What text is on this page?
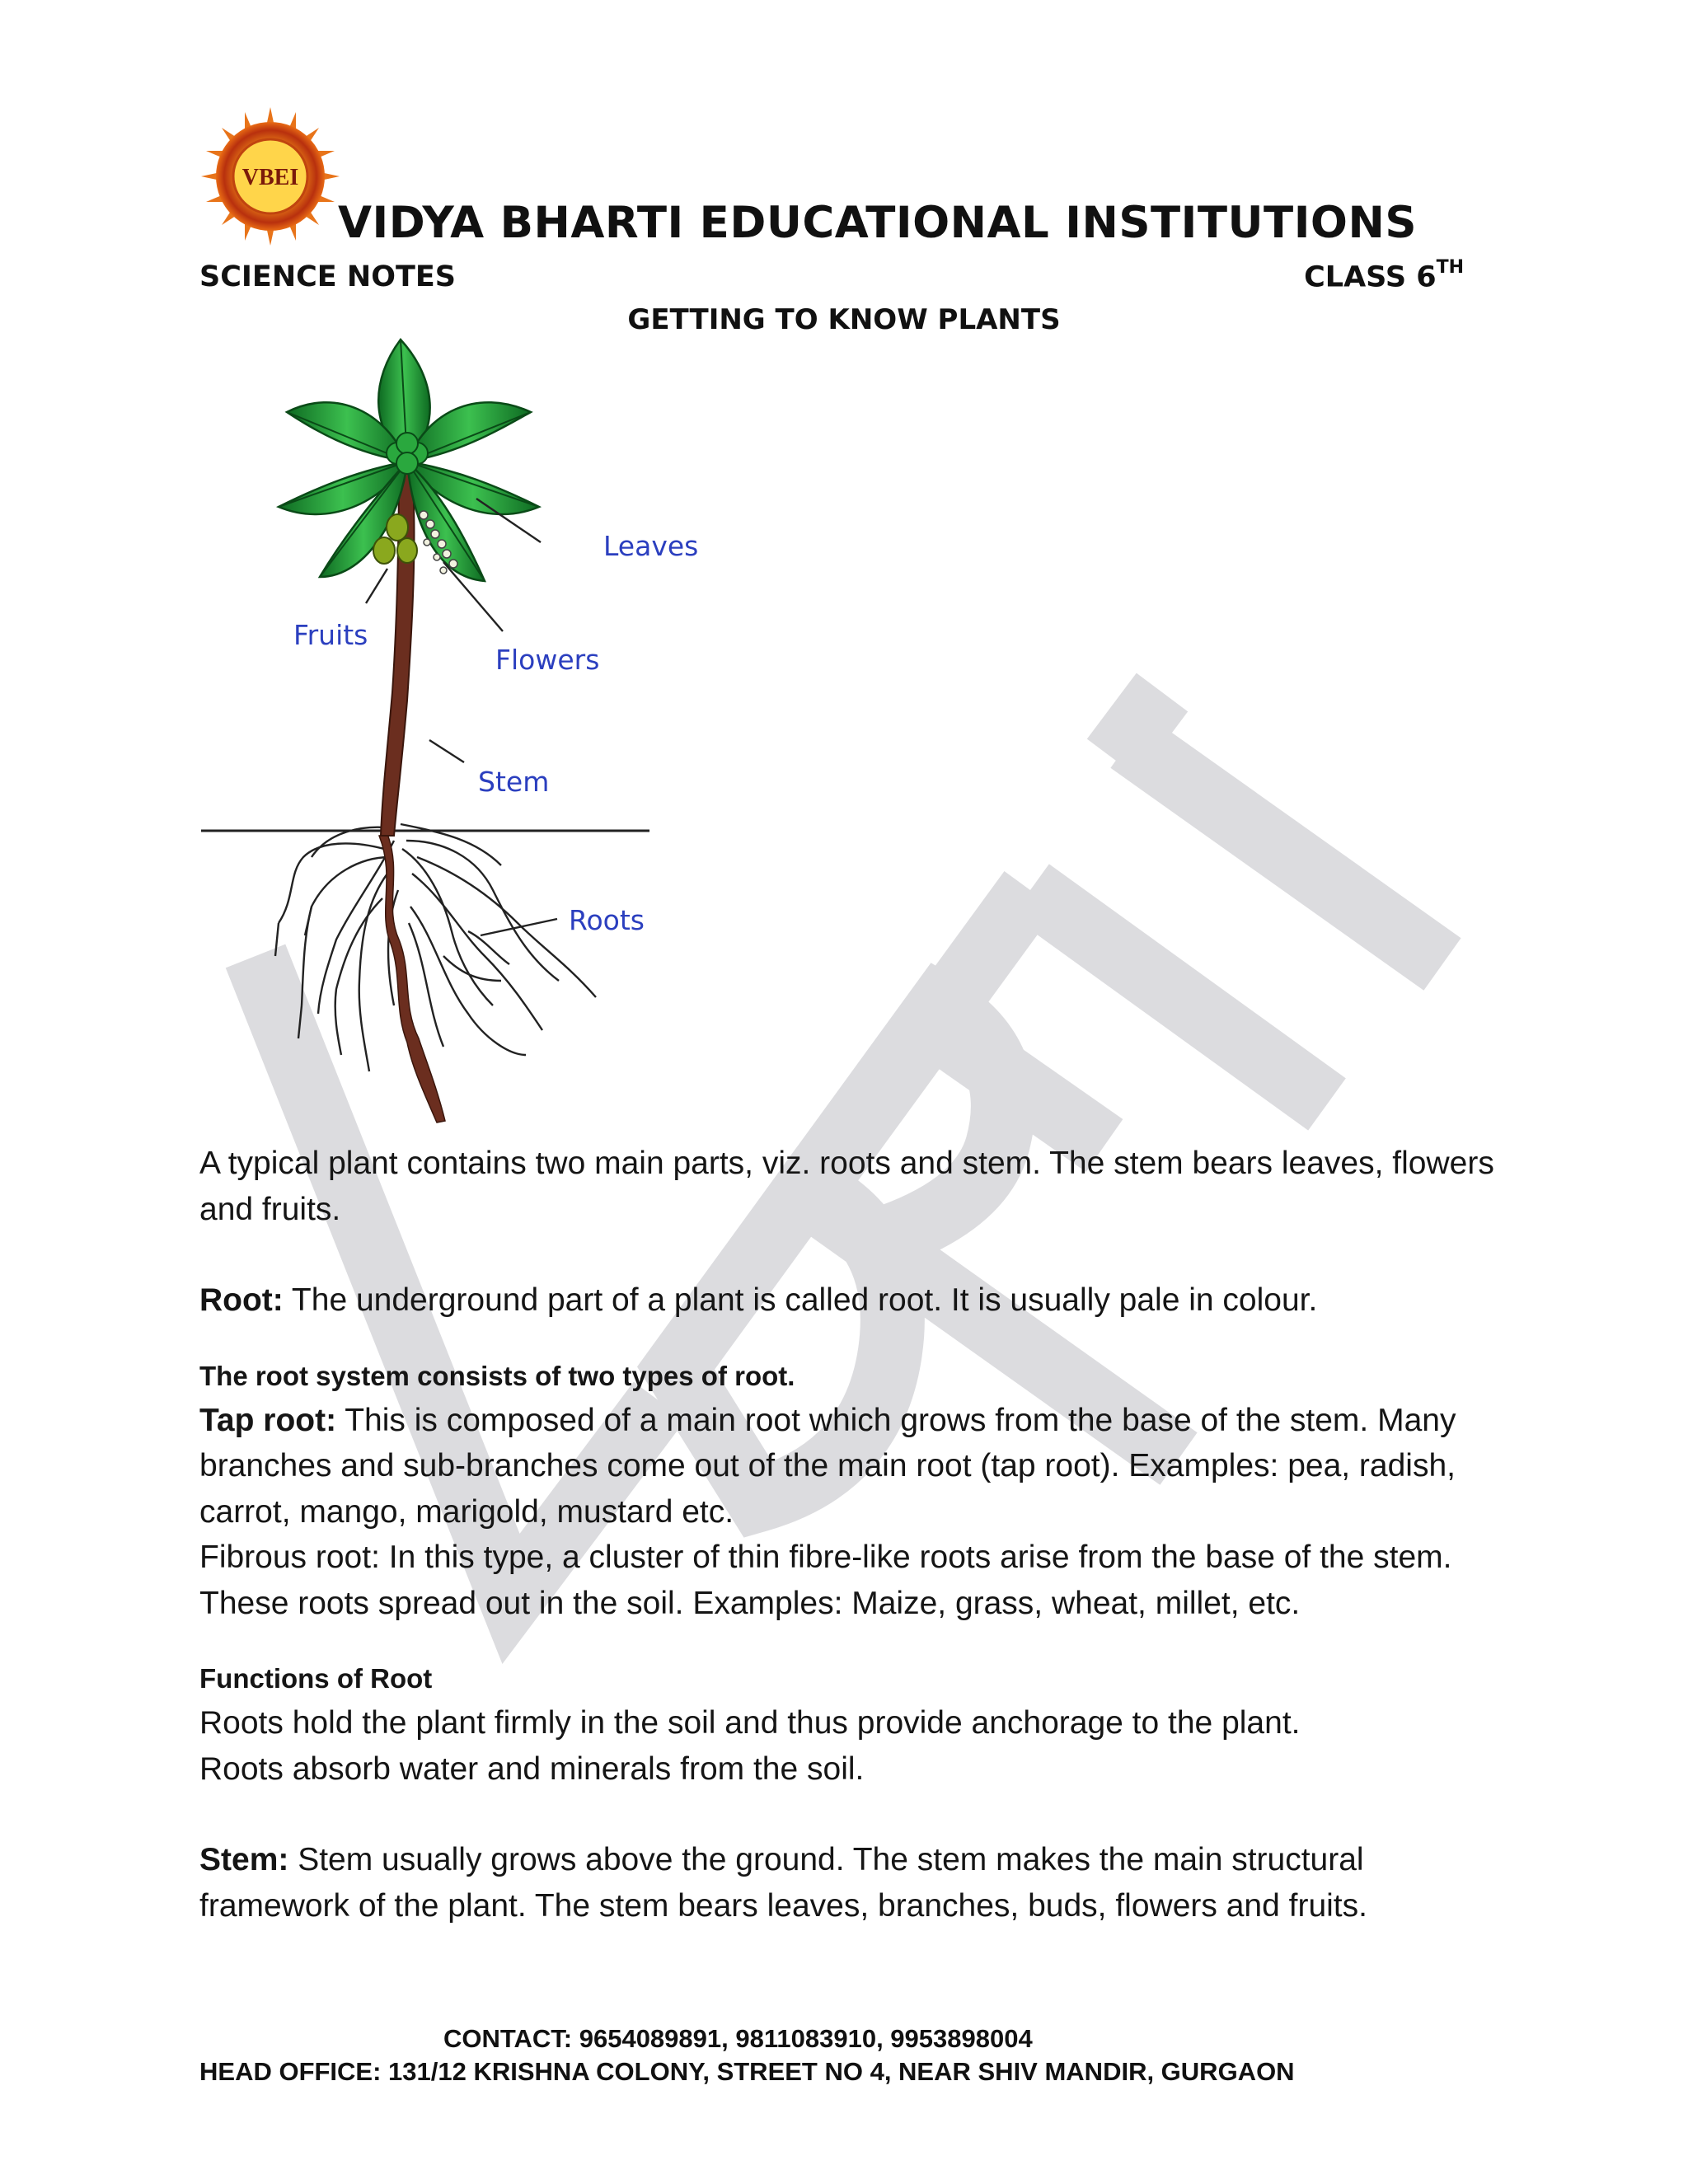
VBEI
VIDYA BHARTI EDUCATIONAL INSTITUTIONS
SCIENCE NOTES	CLASS 6TH
GETTING TO KNOW PLANTS
Leaves
Fruits
Flowers
Stem
Roots

A typical plant contains two main parts, viz. roots and stem. The stem bears leaves, flowers and fruits.

Root: The underground part of a plant is called root. It is usually pale in colour.

The root system consists of two types of root.

Tap root: This is composed of a main root which grows from the base of the stem. Many branches and sub-branches come out of the main root (tap root). Examples: pea, radish, carrot, mango, marigold, mustard etc.

Fibrous root: In this type, a cluster of thin fibre-like roots arise from the base of the stem. These roots spread out in the soil. Examples: Maize, grass, wheat, millet, etc.

Functions of Root

Roots hold the plant firmly in the soil and thus provide anchorage to the plant.

Roots absorb water and minerals from the soil.

Stem: Stem usually grows above the ground. The stem makes the main structural framework of the plant. The stem bears leaves, branches, buds, flowers and fruits.

CONTACT: 9654089891, 9811083910, 9953898004
HEAD OFFICE: 131/12 KRISHNA COLONY, STREET NO 4, NEAR SHIV MANDIR, GURGAON
